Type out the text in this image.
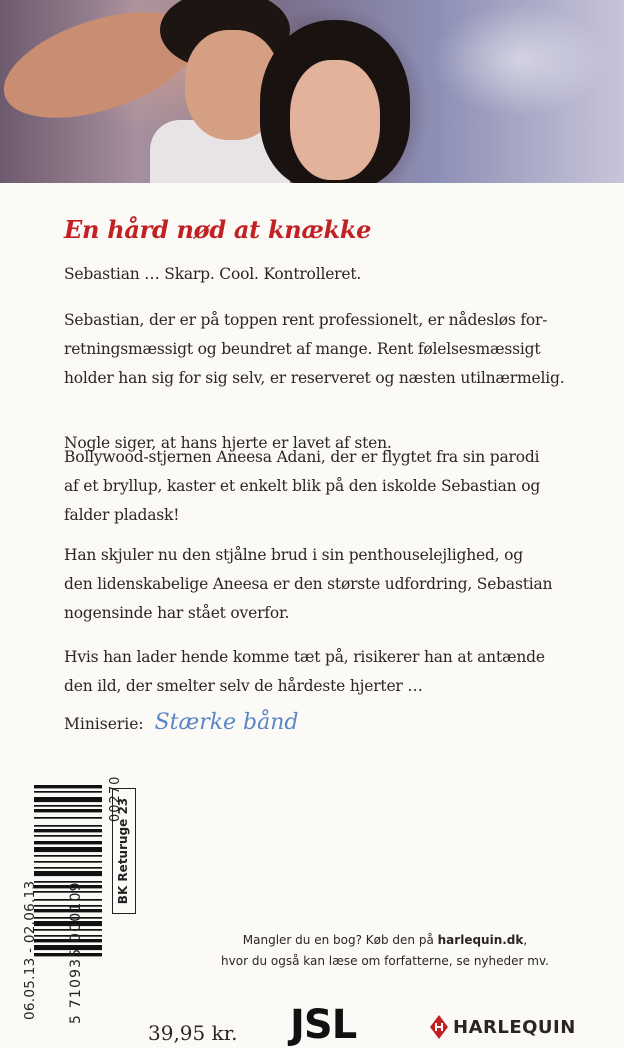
En hård nød at knække

Sebastian … Skarp. Cool. Kontrolleret.

Sebastian, der er på toppen rent professionelt, er nådesløs for-
retningsmæssigt og beundret af mange. Rent følelsesmæssigt
holder han sig for sig selv, er reserveret og næsten utilnærmelig.

Nogle siger, at hans hjerte er lavet af sten.

Bollywood-stjernen Aneesa Adani, der er flygtet fra sin parodi
af et bryllup, kaster et enkelt blik på den iskolde Sebastian og
falder pladask!

Han skjuler nu den stjålne brud i sin penthouselejlighed, og
den lidenskabelige Aneesa er den største udfordring, Sebastian
nogensinde har stået overfor.

Hvis han lader hende komme tæt på, risikerer han at antænde
den ild, der smelter selv de hårdeste hjerter …

Miniserie: Stærke bånd
5 710935 000109
00270
06.05.13 - 02.06.13
BK Returuge 23
Mangler du en bog? Køb den på harlequin.dk,
hvor du også kan læse om forfatterne, se nyheder mv.
39,95 kr. JSL	HARLEQUIN
